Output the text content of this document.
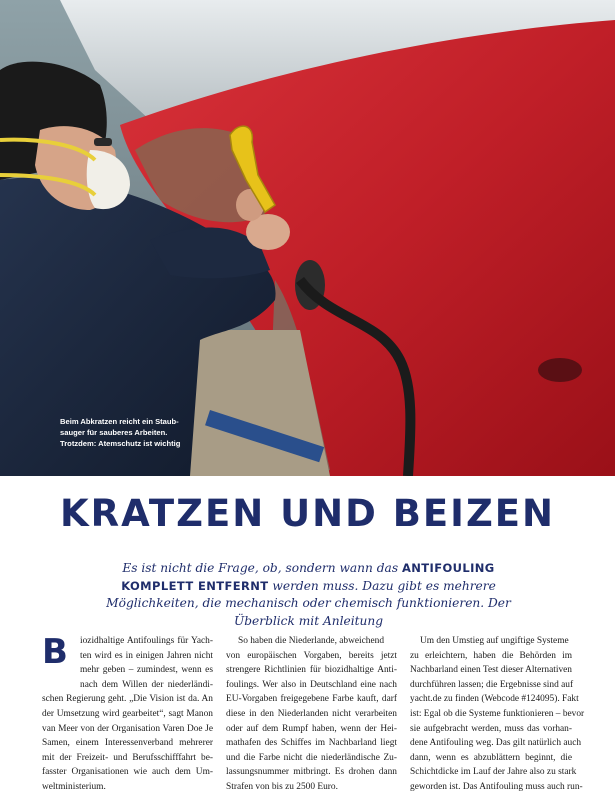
Beim Abkratzen reicht ein Staub-
sauger für sauberes Arbeiten.
Trotzdem: Atemschutz ist wichtig
KRATZEN UND BEIZEN
Es ist nicht die Frage, ob, sondern wann das ANTIFOULING KOMPLETT ENTFERNT werden muss. Dazu gibt es mehrere Möglichkeiten, die mechanisch oder chemisch funktionieren. Der Überblick mit Anleitung
B	iozidhaltige Antifoulings für Yach-
ten wird es in einigen Jahren nicht
mehr geben – zumindest, wenn es
nach dem Willen der niederländi-
schen Regierung geht. „Die Vision ist da. An
der Umsetzung wird gearbeitet“, sagt Manon
van Meer von der Organisation Varen Doe Je
Samen, einem Interessenverband mehrerer
mit der Freizeit- und Berufsschifffahrt be-
fasster Organisationen wie auch dem Um-
weltministerium.
So haben die Niederlande, abweichend
von europäischen Vorgaben, bereits jetzt
strengere Richtlinien für biozidhaltige Anti-
foulings. Wer also in Deutschland eine nach
EU-Vorgaben freigegebene Farbe kauft, darf
diese in den Niederlanden nicht verarbeiten
oder auf dem Rumpf haben, wenn der Hei-
mathafen des Schiffes im Nachbarland liegt
und die Farbe nicht die niederländische Zu-
lassungsnummer mitbringt. Es drohen dann
Strafen von bis zu 2500 Euro.
Um den Umstieg auf ungiftige Systeme
zu erleichtern, haben die Behörden im
Nachbarland einen Test dieser Alternativen
durchführen lassen; die Ergebnisse sind auf
yacht.de zu finden (Webcode #124095). Fakt
ist: Egal ob die Systeme funktionieren – bevor
sie aufgebracht werden, muss das vorhan-
dene Antifouling weg. Das gilt natürlich auch
dann, wenn es abzublättern beginnt, die
Schichtdicke im Lauf der Jahre also zu stark
geworden ist. Das Antifouling muss auch run-
